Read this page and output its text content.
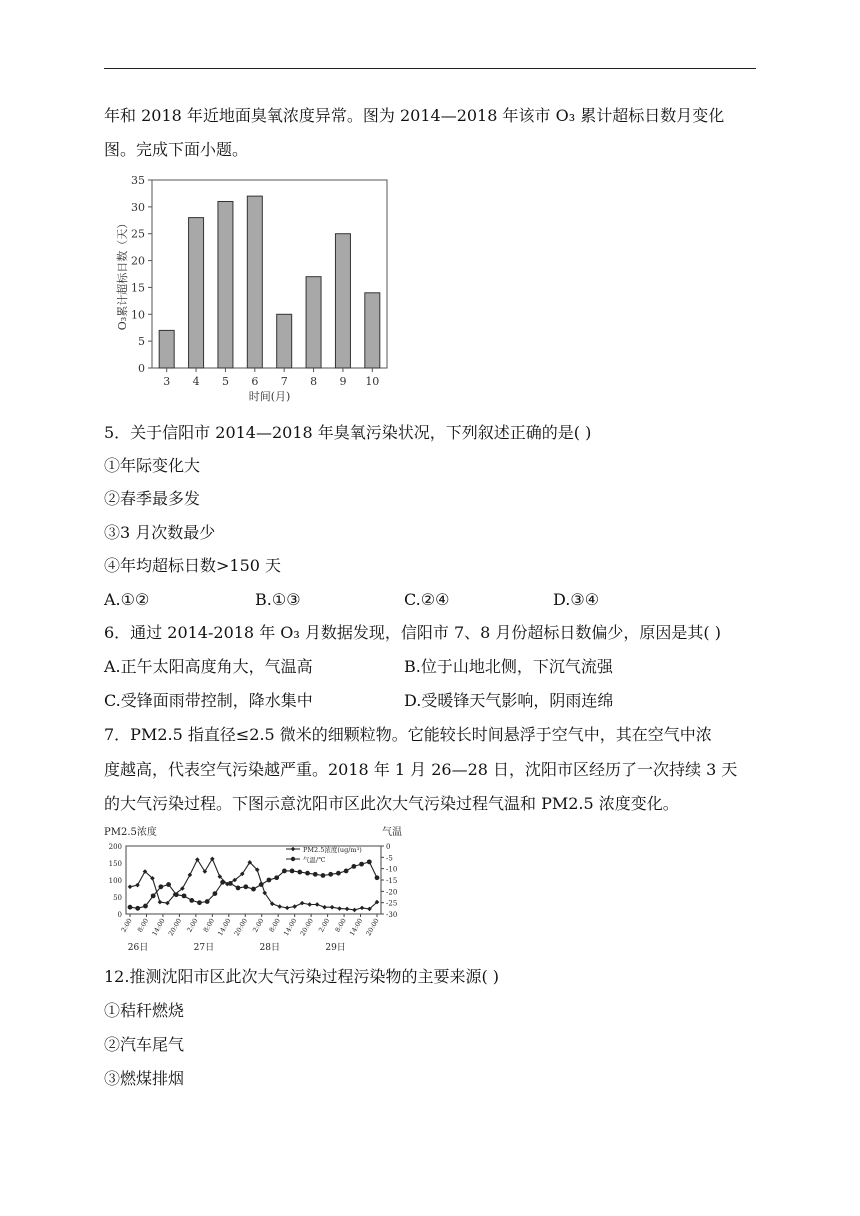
年和 2018 年近地面臭氧浓度异常。图为 2014—2018 年该市 O₃ 累计超标日数月变化
图。完成下面小题。
0
5
10
15
20
25
30
35
3 4 5 6 7 8 9 10
时间(月)
O₃累计超标日数（天）
5．关于信阳市 2014—2018 年臭氧污染状况，下列叙述正确的是( )
①年际变化大
②春季最多发
③3 月次数最少
④年均超标日数>150 天
A.①②	B.①③	C.②④	D.③④
6．通过 2014-2018 年 O₃ 月数据发现，信阳市 7、8 月份超标日数偏少，原因是其( )
A.正午太阳高度角大，气温高	B.位于山地北侧，下沉气流强
C.受锋面雨带控制，降水集中	D.受暖锋天气影响，阴雨连绵
7．PM2.5 指直径≤2.5 微米的细颗粒物。它能较长时间悬浮于空气中，其在空气中浓
度越高，代表空气污染越严重。2018 年 1 月 26—28 日，沈阳市区经历了一次持续 3 天
的大气污染过程。下图示意沈阳市区此次大气污染过程气温和 PM2.5 浓度变化。
PM2.5浓度	气温
0
50
100
150
200	0
-5
-10
-15
-20
-25
-30
2:00 8:00 14:00 20:00 2:00 8:00 14:00 20:00 2:00 8:00 14:00 20:00 2:00 8:00 14:00 20:00
26日	27日	28日	29日
PM2.5浓度(ug/m³)
气温/℃
12.推测沈阳市区此次大气污染过程污染物的主要来源( )
①秸秆燃烧
②汽车尾气
③燃煤排烟
